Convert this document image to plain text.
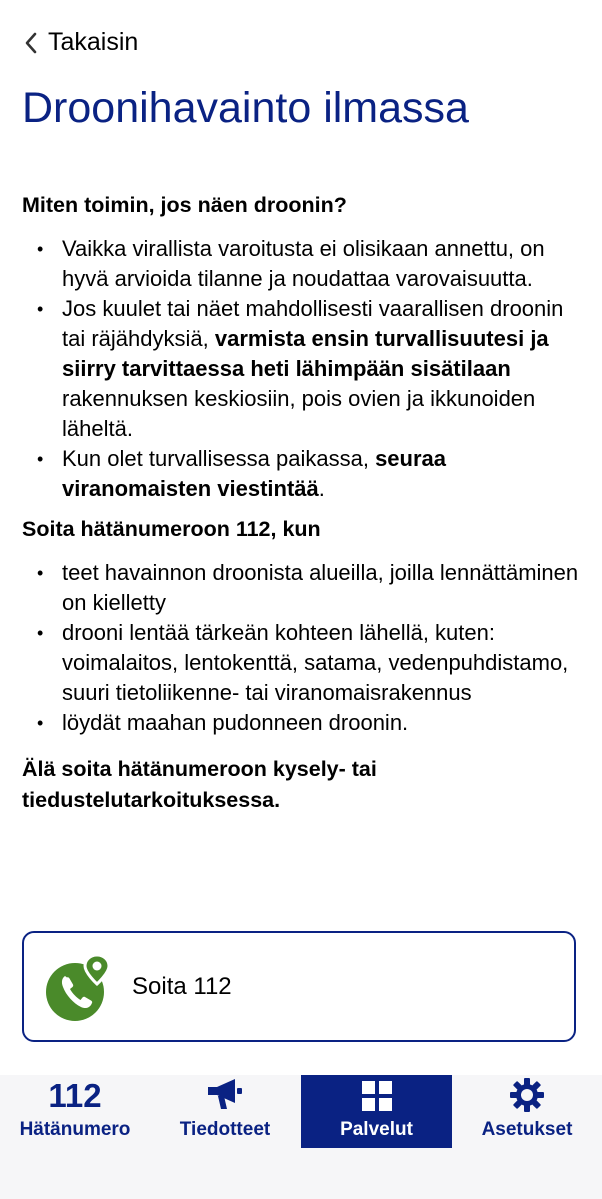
Takaisin
Droonihavainto ilmassa
Miten toimin, jos näen droonin?
• Vaikka virallista varoitusta ei olisikaan annettu, on hyvä arvioida tilanne ja noudattaa varovaisuutta.
• Jos kuulet tai näet mahdollisesti vaarallisen droonin tai räjähdyksiä, varmista ensin turvallisuutesi ja siirry tarvittaessa heti lähimpään sisätilaan rakennuksen keskiosiin, pois ovien ja ikkunoiden läheltä.
• Kun olet turvallisessa paikassa, seuraa viranomaisten viestintää.
Soita hätänumeroon 112, kun
• teet havainnon droonista alueilla, joilla lennättäminen on kielletty
• drooni lentää tärkeän kohteen lähellä, kuten: voimalaitos, lentokenttä, satama, vedenpuhdistamo, suuri tietoliikenne- tai viranomaisrakennus
• löydät maahan pudonneen droonin.
Älä soita hätänumeroon kysely- tai tiedustelutarkoituksessa.
Soita 112
112
Hätänumero	Tiedotteet	Palvelut	Asetukset
